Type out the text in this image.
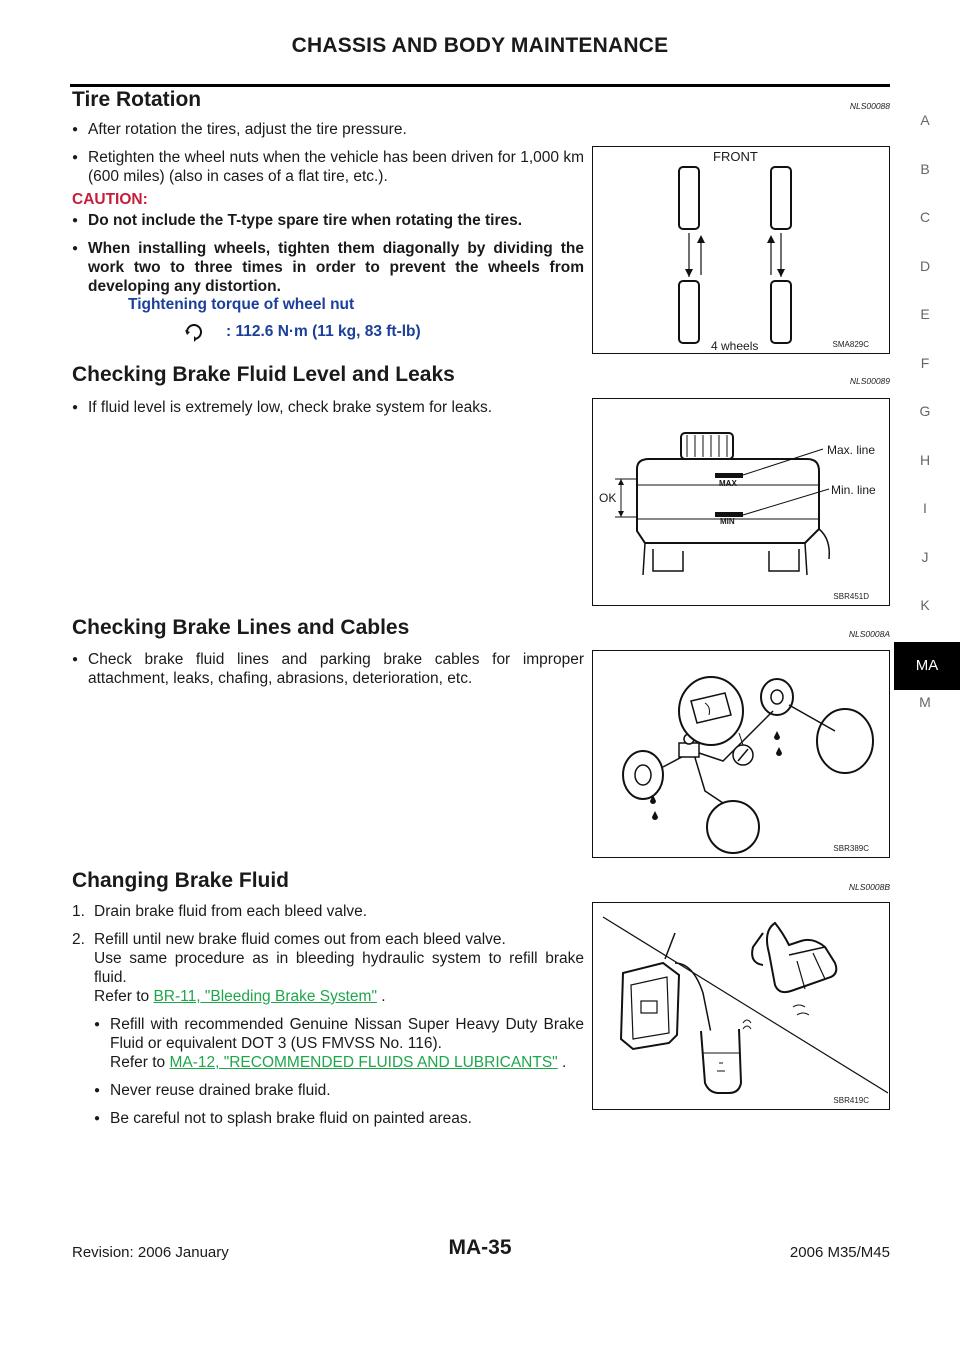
CHASSIS AND BODY MAINTENANCE
A
B
C
D
E
F
G
H
I
J
K
MA
M
Tire Rotation	NLS00088
● After rotation the tires, adjust the tire pressure.
● Retighten the wheel nuts when the vehicle has been driven for 1,000 km (600 miles) (also in cases of a flat tire, etc.).
CAUTION:
● Do not include the T-type spare tire when rotating the tires.
● When installing wheels, tighten them diagonally by dividing the work two to three times in order to prevent the wheels from developing any distortion.
Tightening torque of wheel nut
: 112.6 N·m (11 kg, 83 ft-lb)
FRONT
4 wheels	SMA829C
Checking Brake Fluid Level and Leaks	NLS00089
● If fluid level is extremely low, check brake system for leaks.
MAX
MIN
Max. line
Min. line
OK
SBR451D
Checking Brake Lines and Cables	NLS0008A
● Check brake fluid lines and parking brake cables for improper attachment, leaks, chafing, abrasions, deterioration, etc.
SBR389C
Changing Brake Fluid	NLS0008B
1. Drain brake fluid from each bleed valve.
2. Refill until new brake fluid comes out from each bleed valve.
Use same procedure as in bleeding hydraulic system to refill brake fluid.
Refer to BR-11, "Bleeding Brake System" .
● Refill with recommended Genuine Nissan Super Heavy Duty Brake Fluid or equivalent DOT 3 (US FMVSS No. 116).
Refer to MA-12, "RECOMMENDED FLUIDS AND LUBRICANTS" .
● Never reuse drained brake fluid.
● Be careful not to splash brake fluid on painted areas.
SBR419C
Revision: 2006 January	MA-35	2006 M35/M45
